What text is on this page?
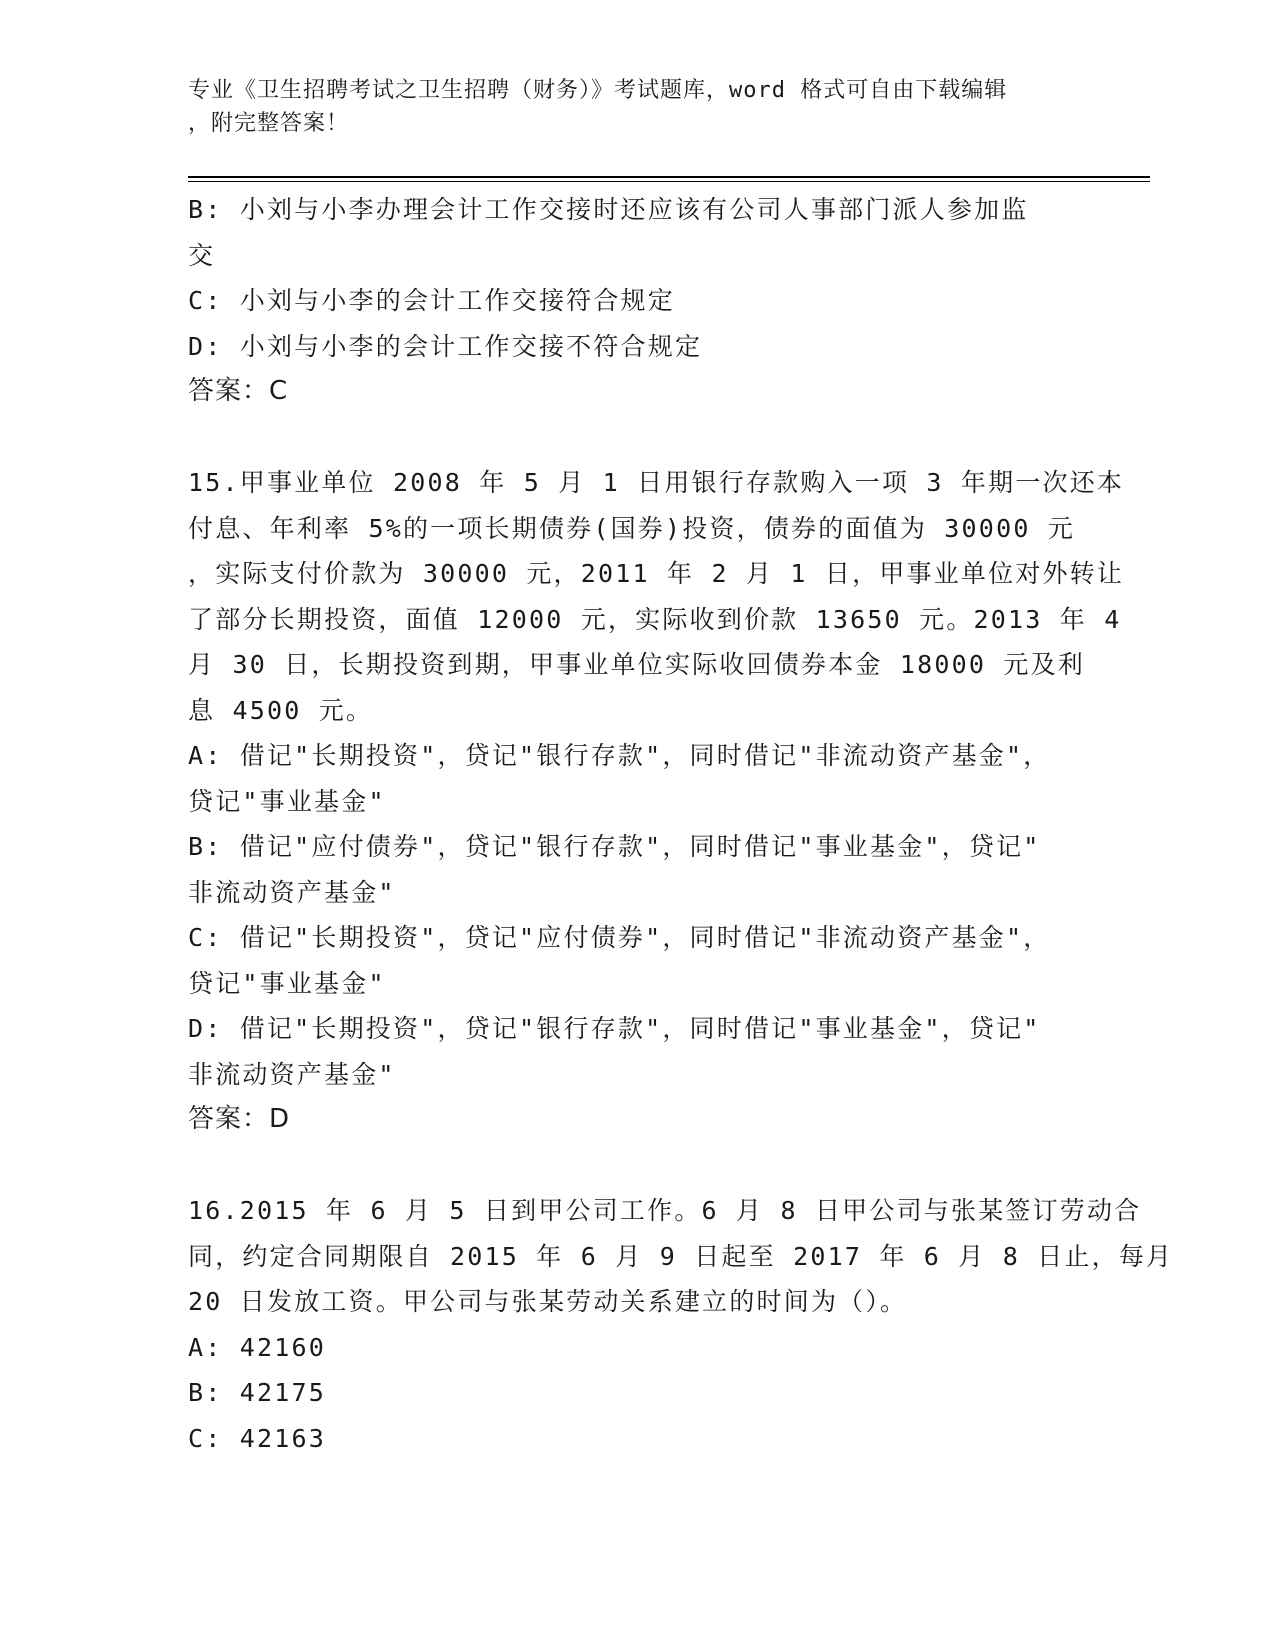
专业《卫生招聘考试之卫生招聘（财务）》考试题库，word 格式可自由下载编辑
，附完整答案！
B: 小刘与小李办理会计工作交接时还应该有公司人事部门派人参加监
交
C: 小刘与小李的会计工作交接符合规定
D: 小刘与小李的会计工作交接不符合规定
答案：C
15.甲事业单位 2008 年 5 月 1 日用银行存款购入一项 3 年期一次还本
付息、年利率 5%的一项长期债券(国券)投资，债券的面值为 30000 元
，实际支付价款为 30000 元，2011 年 2 月 1 日，甲事业单位对外转让
了部分长期投资，面值 12000 元，实际收到价款 13650 元。2013 年 4
月 30 日，长期投资到期，甲事业单位实际收回债券本金 18000 元及利
息 4500 元。
A: 借记"长期投资"，贷记"银行存款"，同时借记"非流动资产基金"，
贷记"事业基金"
B: 借记"应付债券"，贷记"银行存款"，同时借记"事业基金"，贷记"
非流动资产基金"
C: 借记"长期投资"，贷记"应付债券"，同时借记"非流动资产基金"，
贷记"事业基金"
D: 借记"长期投资"，贷记"银行存款"，同时借记"事业基金"，贷记"
非流动资产基金"
答案：D
16.2015 年 6 月 5 日到甲公司工作。6 月 8 日甲公司与张某签订劳动合
同，约定合同期限自 2015 年 6 月 9 日起至 2017 年 6 月 8 日止，每月
20 日发放工资。甲公司与张某劳动关系建立的时间为（）。
A: 42160
B: 42175
C: 42163
